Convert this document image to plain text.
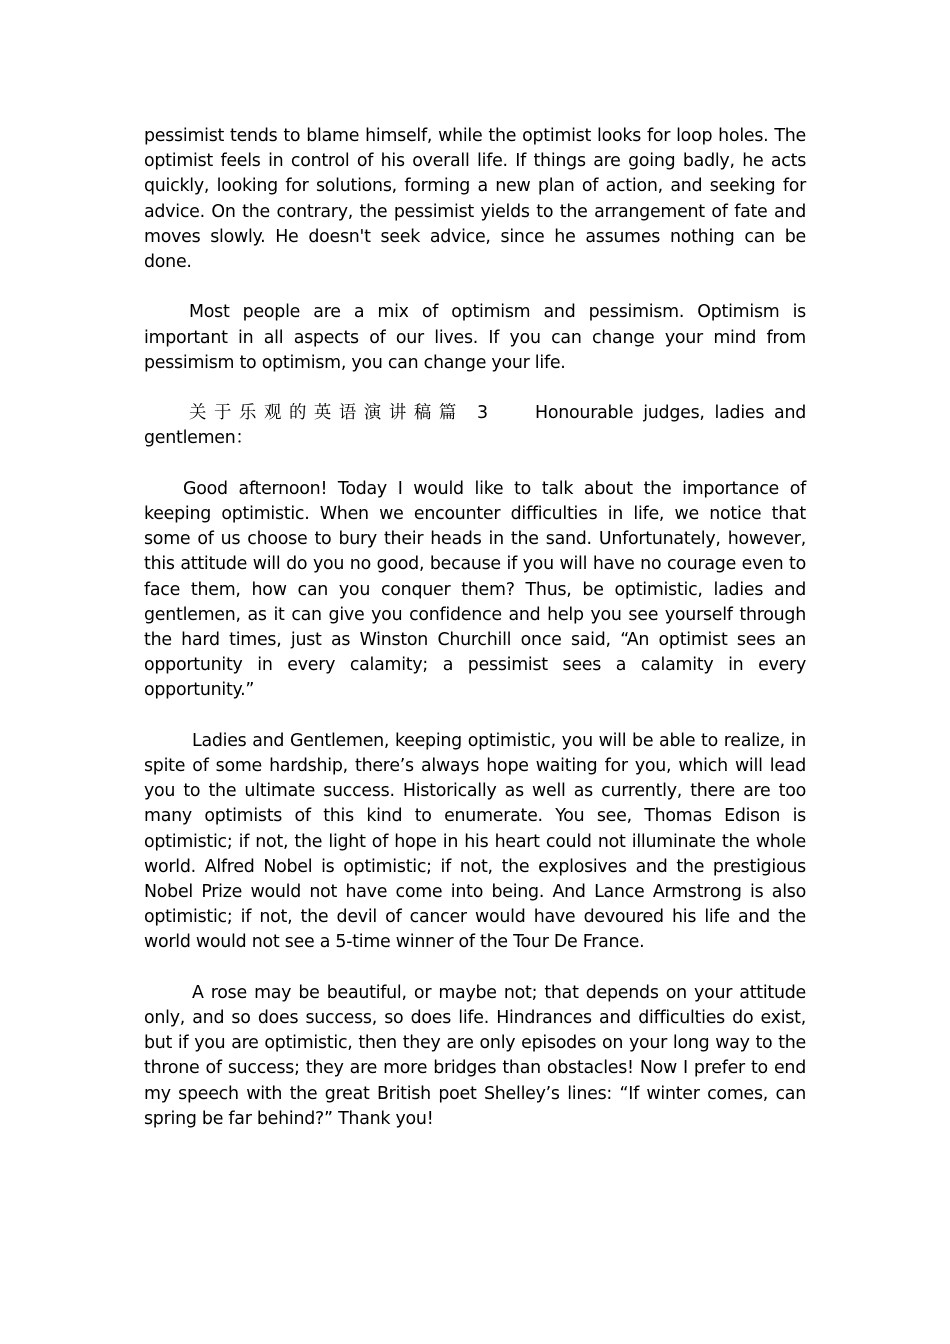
pessimist tends to blame himself, while the optimist looks for loop holes. The optimist feels in control of his overall life. If things are going badly, he acts quickly, looking for solutions, forming a new plan of action, and seeking for advice. On the contrary, the pessimist yields to the arrangement of fate and moves slowly. He doesn't seek advice, since he assumes nothing can be done.

Most people are a mix of optimism and pessimism. Optimism is important in all aspects of our lives. If you can change your mind from pessimism to optimism, you can change your life.

关于乐观的英语演讲稿篇 3	Honourable judges, ladies and gentlemen：

Good afternoon! Today I would like to talk about the importance of keeping optimistic. When we encounter difficulties in life, we notice that some of us choose to bury their heads in the sand. Unfortunately, however, this attitude will do you no good, because if you will have no courage even to face them, how can you conquer them? Thus, be optimistic, ladies and gentlemen, as it can give you confidence and help you see yourself through the hard times, just as Winston Churchill once said, “An optimist sees an opportunity in every calamity; a pessimist sees a calamity in every opportunity.”

Ladies and Gentlemen, keeping optimistic, you will be able to realize, in spite of some hardship, there’s always hope waiting for you, which will lead you to the ultimate success. Historically as well as currently, there are too many optimists of this kind to enumerate. You see, Thomas Edison is optimistic; if not, the light of hope in his heart could not illuminate the whole world. Alfred Nobel is optimistic; if not, the explosives and the prestigious Nobel Prize would not have come into being. And Lance Armstrong is also optimistic; if not, the devil of cancer would have devoured his life and the world would not see a 5-time winner of the Tour De France.

A rose may be beautiful, or maybe not; that depends on your attitude only, and so does success, so does life. Hindrances and difficulties do exist, but if you are optimistic, then they are only episodes on your long way to the throne of success; they are more bridges than obstacles! Now I prefer to end my speech with the great British poet Shelley’s lines: “If winter comes, can spring be far behind?” Thank you!
